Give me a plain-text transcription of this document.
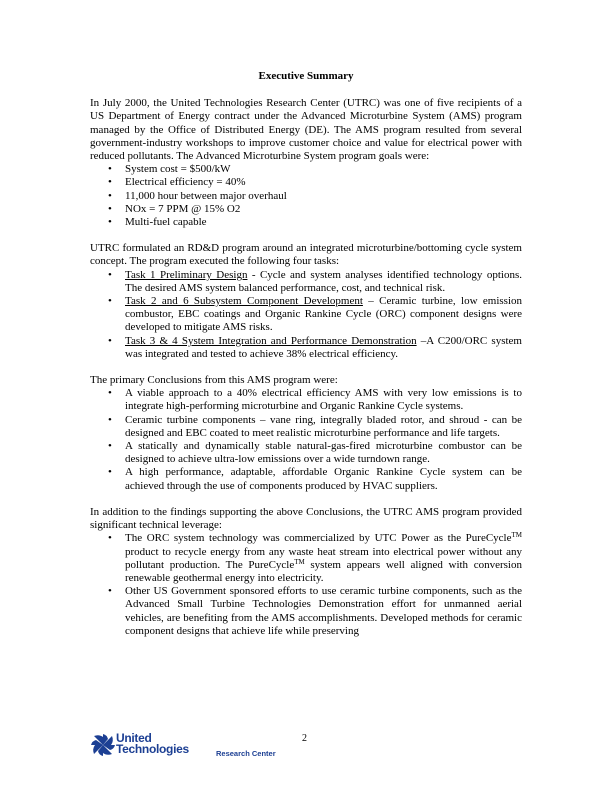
Executive Summary

In July 2000, the United Technologies Research Center (UTRC) was one of five recipients of a US Department of Energy contract under the Advanced Microturbine System (AMS) program managed by the Office of Distributed Energy (DE). The AMS program resulted from several government-industry workshops to improve customer choice and value for electrical power with reduced pollutants. The Advanced Microturbine System program goals were:

• System cost = $500/kW
• Electrical efficiency = 40%
• 11,000 hour between major overhaul
• NOx = 7 PPM @ 15% O2
• Multi-fuel capable

UTRC formulated an RD&D program around an integrated microturbine/bottoming cycle system concept. The program executed the following four tasks:

• Task 1 Preliminary Design - Cycle and system analyses identified technology options. The desired AMS system balanced performance, cost, and technical risk.
• Task 2 and 6 Subsystem Component Development – Ceramic turbine, low emission combustor, EBC coatings and Organic Rankine Cycle (ORC) component designs were developed to mitigate AMS risks.
• Task 3 & 4 System Integration and Performance Demonstration –A C200/ORC system was integrated and tested to achieve 38% electrical efficiency.

The primary Conclusions from this AMS program were:

• A viable approach to a 40% electrical efficiency AMS with very low emissions is to integrate high-performing microturbine and Organic Rankine Cycle systems.
• Ceramic turbine components – vane ring, integrally bladed rotor, and shroud - can be designed and EBC coated to meet realistic microturbine performance and life targets.
• A statically and dynamically stable natural-gas-fired microturbine combustor can be designed to achieve ultra-low emissions over a wide turndown range.
• A high performance, adaptable, affordable Organic Rankine Cycle system can be achieved through the use of components produced by HVAC suppliers.

In addition to the findings supporting the above Conclusions, the UTRC AMS program provided significant technical leverage:

• The ORC system technology was commercialized by UTC Power as the PureCycle™ product to recycle energy from any waste heat stream into electrical power without any pollutant production. The PureCycle™ system appears well aligned with conversion renewable geothermal energy into electricity.
• Other US Government sponsored efforts to use ceramic turbine components, such as the Advanced Small Turbine Technologies Demonstration effort for unmanned aerial vehicles, are benefiting from the AMS accomplishments. Developed methods for ceramic component designs that achieve life while preserving
United
Technologies	Research Center
2
